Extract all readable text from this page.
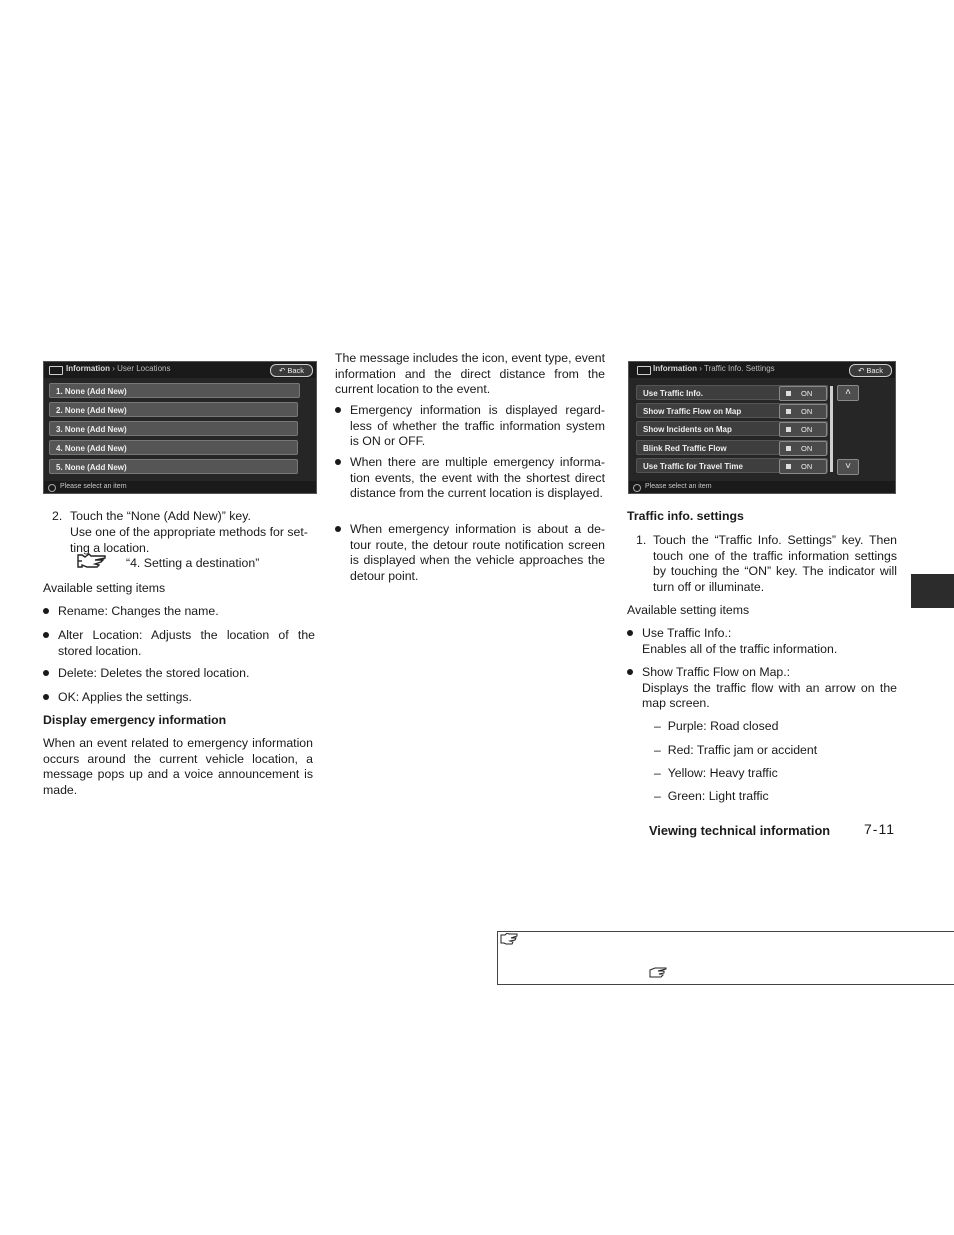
Information › User Locations	↶ Back
1. None (Add New)
2. None (Add New)
3. None (Add New)
4. None (Add New)
5. None (Add New)
Please select an item

2. Touch the “None (Add New)” key.

Use one of the appropriate methods for set-ting a location.

“4. Setting a destination”

Available setting items

Rename: Changes the name.

Alter Location: Adjusts the location of the stored location.

Delete: Deletes the stored location.

OK: Applies the settings.

Display emergency information

When an event related to emergency information occurs around the current vehicle location, a message pops up and a voice announcement is made.

The message includes the icon, event type, event information and the direct distance from the current location to the event.

Emergency information is displayed regard-less of whether the traffic information system is ON or OFF.

When there are multiple emergency informa-tion events, the event with the shortest direct distance from the current location is displayed.

When emergency information is about a de-tour route, the detour route notification screen is displayed when the vehicle approaches the detour point.

Information › Traffic Info. Settings	↶ Back
Use Traffic Info.
Show Traffic Flow on Map
Show Incidents on Map
Blink Red Traffic Flow
Use Traffic for Travel Time
ON
ON
ON
ON
ON
˄
˅
Please select an item

Traffic info. settings

1. Touch the “Traffic Info. Settings” key. Then touch one of the traffic information settings by touching the “ON” key. The indicator will turn off or illuminate.

Available setting items

Use Traffic Info.:

Enables all of the traffic information.

Show Traffic Flow on Map.:

Displays the traffic flow with an arrow on the map screen.

–  Purple: Road closed

–  Red: Traffic jam or accident

–  Yellow: Heavy traffic

–  Green: Light traffic

Viewing technical information 7-11
